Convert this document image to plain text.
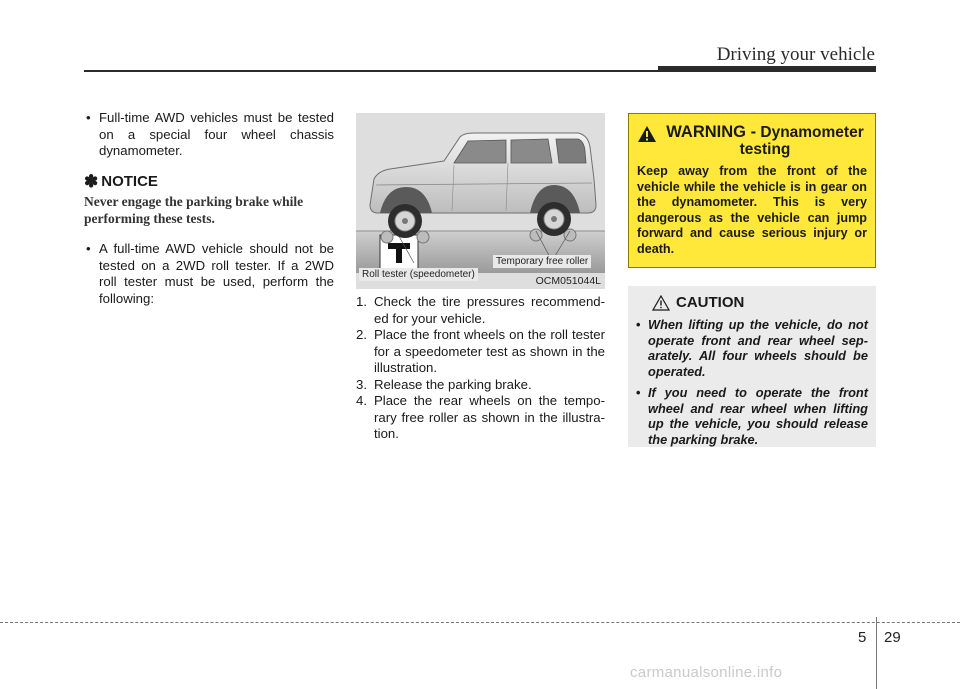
Driving your vehicle

• Full-time AWD vehicles must be tested on a special four wheel chassis dynamometer.

✽ NOTICE

Never engage the parking brake while performing these tests.

• A full-time AWD vehicle should not be tested on a 2WD roll tester. If a 2WD roll tester must be used, perform the following:

Temporary free roller
Roll tester (speedometer)
OCM051044L

1. Check the tire pressures recommend-ed for your vehicle.

2. Place the front wheels on the roll tester for a speedometer test as shown in the illustration.

3. Release the parking brake.

4. Place the rear wheels on the tempo-rary free roller as shown in the illustra-tion.

WARNING - Dynamometer
testing

Keep away from the front of the vehicle while the vehicle is in gear on the dynamometer. This is very dangerous as the vehicle can jump forward and cause serious injury or death.

CAUTION

• When lifting up the vehicle, do not operate front and rear wheel sep-arately. All four wheels should be operated.

• If you need to operate the front wheel and rear wheel when lifting up the vehicle, you should release the parking brake.

5 29
carmanualsonline.info
